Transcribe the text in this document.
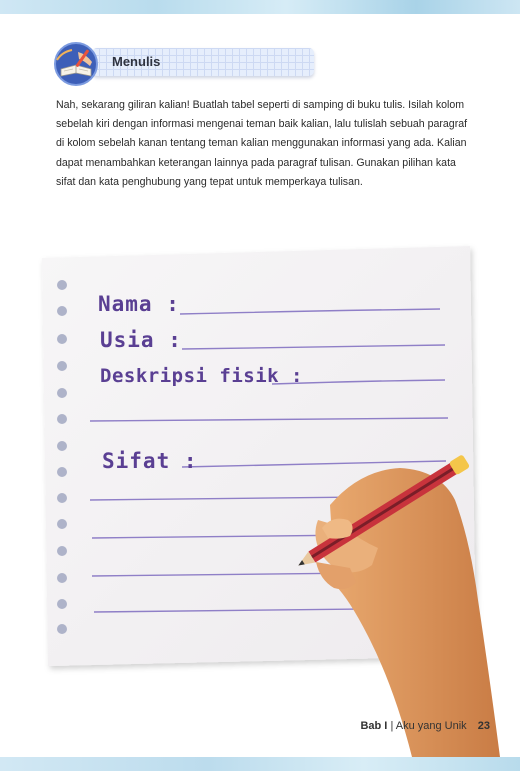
Menulis

Nah, sekarang giliran kalian! Buatlah tabel seperti di samping di buku tulis. Isilah kolom sebelah kiri dengan informasi mengenai teman baik kalian, lalu tulislah sebuah paragraf di kolom sebelah kanan tentang teman kalian menggunakan informasi yang ada. Kalian dapat menambahkan keterangan lainnya pada paragraf tulisan. Gunakan pilihan kata sifat dan kata penghubung yang tepat untuk memperkaya tulisan.

Nama :
Usia :
Deskripsi fisik :
Sifat :
Bab I | Aku yang Unik 23
